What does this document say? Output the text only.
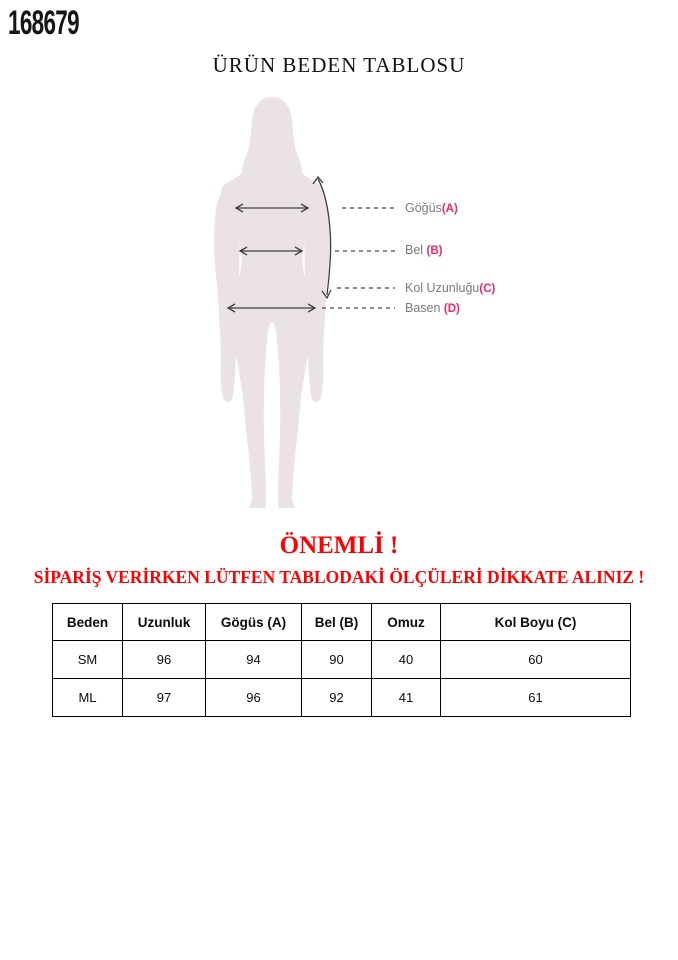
168679
ÜRÜN BEDEN TABLOSU
Göğüs(A)
Bel (B)
Kol Uzunluğu(C)
Basen (D)
ÖNEMLİ !
SİPARİŞ VERİRKEN LÜTFEN TABLODAKİ ÖLÇÜLERİ DİKKATE ALINIZ !
Beden	Uzunluk	Gögüs (A)	Bel (B)	Omuz	Kol Boyu (C)
SM	96	94	90	40	60
ML	97	96	92	41	61
